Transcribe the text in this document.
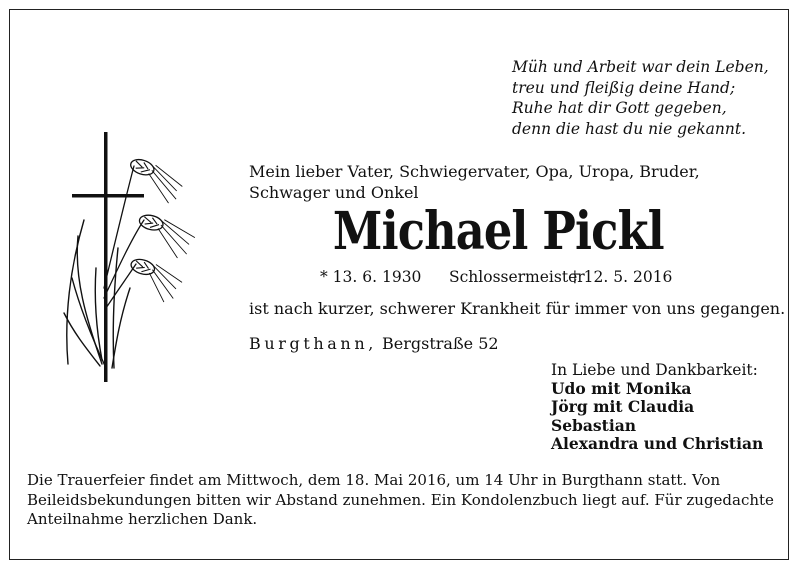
Müh und Arbeit war dein Leben,
treu und fleißig deine Hand;
Ruhe hat dir Gott gegeben,
denn die hast du nie gekannt.
Mein lieber Vater, Schwiegervater, Opa, Uropa, Bruder, Schwager und Onkel
Michael Pickl
* 13. 6. 1930 Schlossermeister
† 12. 5. 2016
ist nach kurzer, schwerer Krankheit für immer von uns gegangen.
Burgthann, Bergstraße 52
In Liebe und Dankbarkeit:
Udo mit Monika
Jörg mit Claudia
Sebastian
Alexandra und Christian
Die Trauerfeier findet am Mittwoch, dem 18. Mai 2016, um 14 Uhr in Burgthann statt. Von Beileidsbekundungen bitten wir Abstand zunehmen. Ein Kondolenzbuch liegt auf. Für zugedachte Anteilnahme herzlichen Dank.
